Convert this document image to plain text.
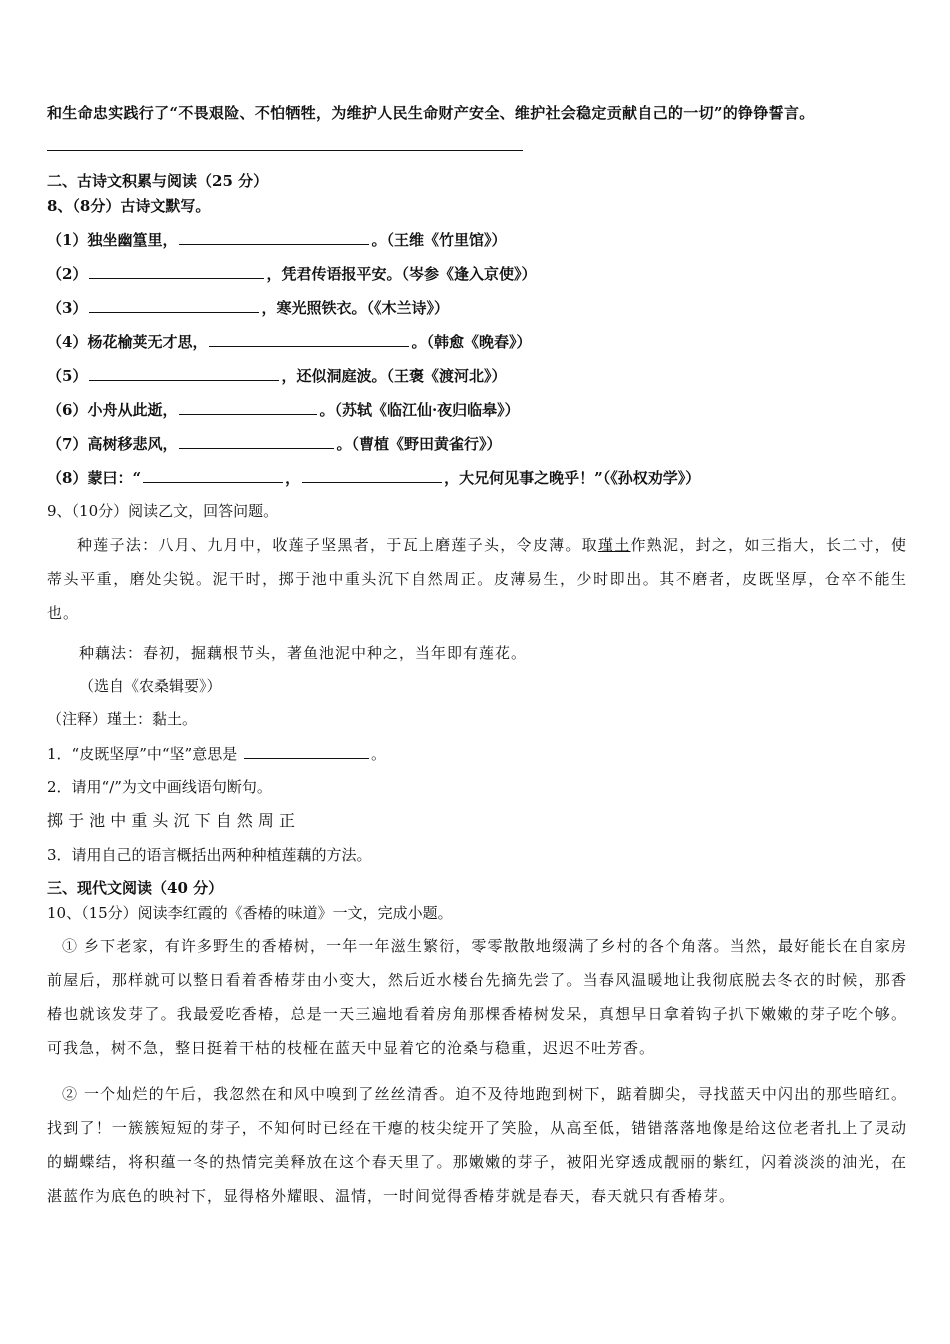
和生命忠实践行了“不畏艰险、不怕牺牲，为维护人民生命财产安全、维护社会稳定贡献自己的一切”的铮铮誓言。
二、古诗文积累与阅读（25 分）
8、（8分）古诗文默写。
（1）独坐幽篁里，	。（王维《竹里馆》）
（2）	，凭君传语报平安。（岑参《逢入京使》）
（3）	，寒光照铁衣。（《木兰诗》）
（4）杨花榆荚无才思，	。（韩愈《晚春》）
（5）	，还似洞庭波。（王褒《渡河北》）
（6）小舟从此逝，	。（苏轼《临江仙·夜归临皋》）
（7）高树移悲风，	。（曹植《野田黄雀行》）
（8）蒙曰：“	，	，大兄何见事之晚乎！”（《孙权劝学》）
9、（10分）阅读乙文，回答问题。
种莲子法：八月、九月中，收莲子坚黑者，于瓦上磨莲子头，令皮薄。取瑾土作熟泥，封之，如三指大，长二寸，使蒂头平重，磨处尖锐。泥干时，掷于池中重头沉下自然周正。皮薄易生，少时即出。其不磨者，皮既坚厚，仓卒不能生也。
种藕法：春初，掘藕根节头，著鱼池泥中种之，当年即有莲花。
（选自《农桑辑要》）
（注释）瑾土：黏土。
1．“皮既坚厚”中“坚”意思是	。
2．请用“/”为文中画线语句断句。
掷 于 池 中 重 头 沉 下 自 然 周 正
3．请用自己的语言概括出两种种植莲藕的方法。
三、现代文阅读（40 分）
10、（15分）阅读李红霞的《香椿的味道》一文，完成小题。
① 乡下老家，有许多野生的香椿树，一年一年滋生繁衍，零零散散地缀满了乡村的各个角落。当然，最好能长在自家房前屋后，那样就可以整日看着香椿芽由小变大，然后近水楼台先摘先尝了。当春风温暖地让我彻底脱去冬衣的时候，那香椿也就该发芽了。我最爱吃香椿，总是一天三遍地看着房角那棵香椿树发呆，真想早日拿着钩子扒下嫩嫩的芽子吃个够。可我急，树不急，整日挺着干枯的枝桠在蓝天中显着它的沧桑与稳重，迟迟不吐芳香。
② 一个灿烂的午后，我忽然在和风中嗅到了丝丝清香。迫不及待地跑到树下，踮着脚尖，寻找蓝天中闪出的那些暗红。找到了！一簇簇短短的芽子，不知何时已经在干瘪的枝尖绽开了笑脸，从高至低，错错落落地像是给这位老者扎上了灵动的蝴蝶结，将积蕴一冬的热情完美释放在这个春天里了。那嫩嫩的芽子，被阳光穿透成靓丽的紫红，闪着淡淡的油光，在湛蓝作为底色的映衬下，显得格外耀眼、温情，一时间觉得香椿芽就是春天，春天就只有香椿芽。
